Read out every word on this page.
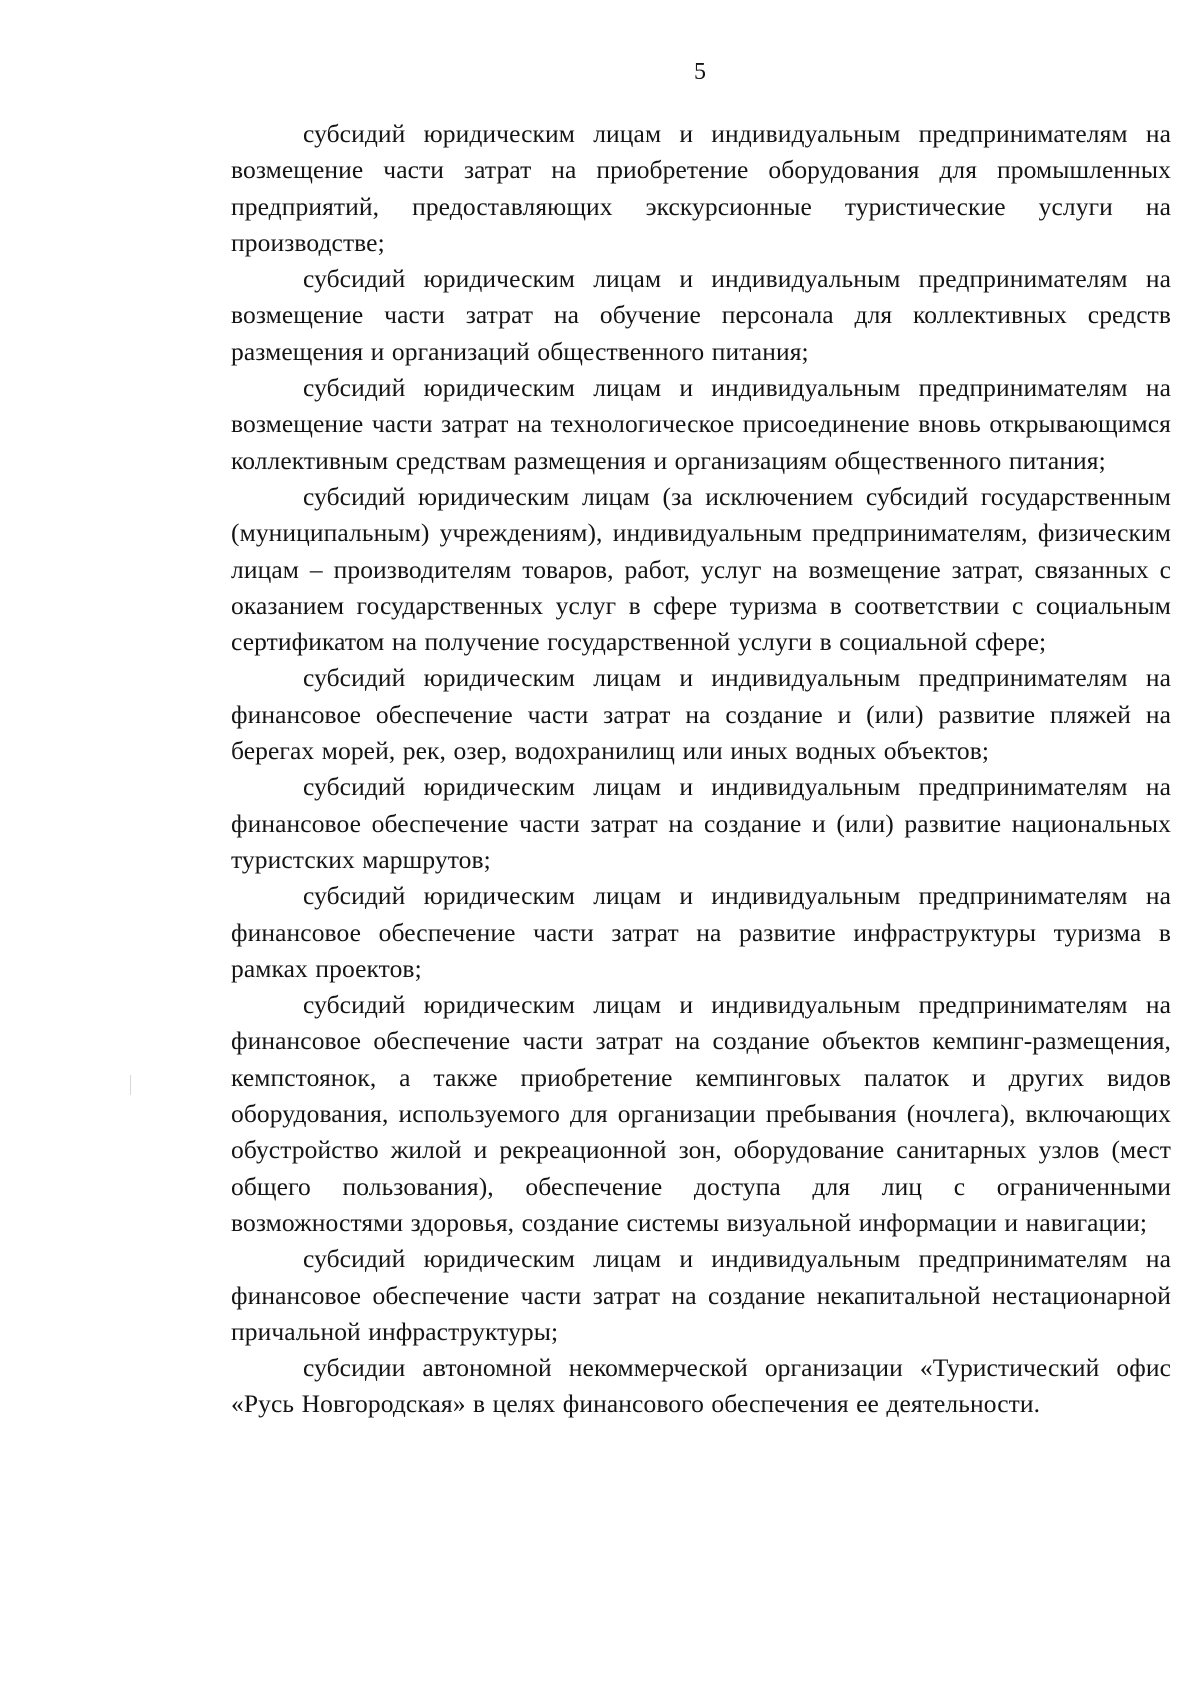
5

субсидий юридическим лицам и индивидуальным предпринимателям на возмещение части затрат на приобретение оборудования для промышленных предприятий, предоставляющих экскурсионные туристические услуги на производстве;

субсидий юридическим лицам и индивидуальным предпринимателям на возмещение части затрат на обучение персонала для коллективных средств размещения и организаций общественного питания;

субсидий юридическим лицам и индивидуальным предпринимателям на возмещение части затрат на технологическое присоединение вновь открывающимся коллективным средствам размещения и организациям общественного питания;

субсидий юридическим лицам (за исключением субсидий государственным (муниципальным) учреждениям), индивидуальным предпринимателям, физическим лицам – производителям товаров, работ, услуг на возмещение затрат, связанных с оказанием государственных услуг в сфере туризма в соответствии с социальным сертификатом на получение государственной услуги в социальной сфере;

субсидий юридическим лицам и индивидуальным предпринимателям на финансовое обеспечение части затрат на создание и (или) развитие пляжей на берегах морей, рек, озер, водохранилищ или иных водных объектов;

субсидий юридическим лицам и индивидуальным предпринимателям на финансовое обеспечение части затрат на создание и (или) развитие национальных туристских маршрутов;

субсидий юридическим лицам и индивидуальным предпринимателям на финансовое обеспечение части затрат на развитие инфраструктуры туризма в рамках проектов;

субсидий юридическим лицам и индивидуальным предпринимателям на финансовое обеспечение части затрат на создание объектов кемпинг-размещения, кемпстоянок, а также приобретение кемпинговых палаток и других видов оборудования, используемого для организации пребывания (ночлега), включающих обустройство жилой и рекреационной зон, оборудование санитарных узлов (мест общего пользования), обеспечение доступа для лиц с ограниченными возможностями здоровья, создание системы визуальной информации и навигации;

субсидий юридическим лицам и индивидуальным предпринимателям на финансовое обеспечение части затрат на создание некапитальной нестационарной причальной инфраструктуры;

субсидии автономной некоммерческой организации «Туристический офис «Русь Новгородская» в целях финансового обеспечения ее деятельности.
